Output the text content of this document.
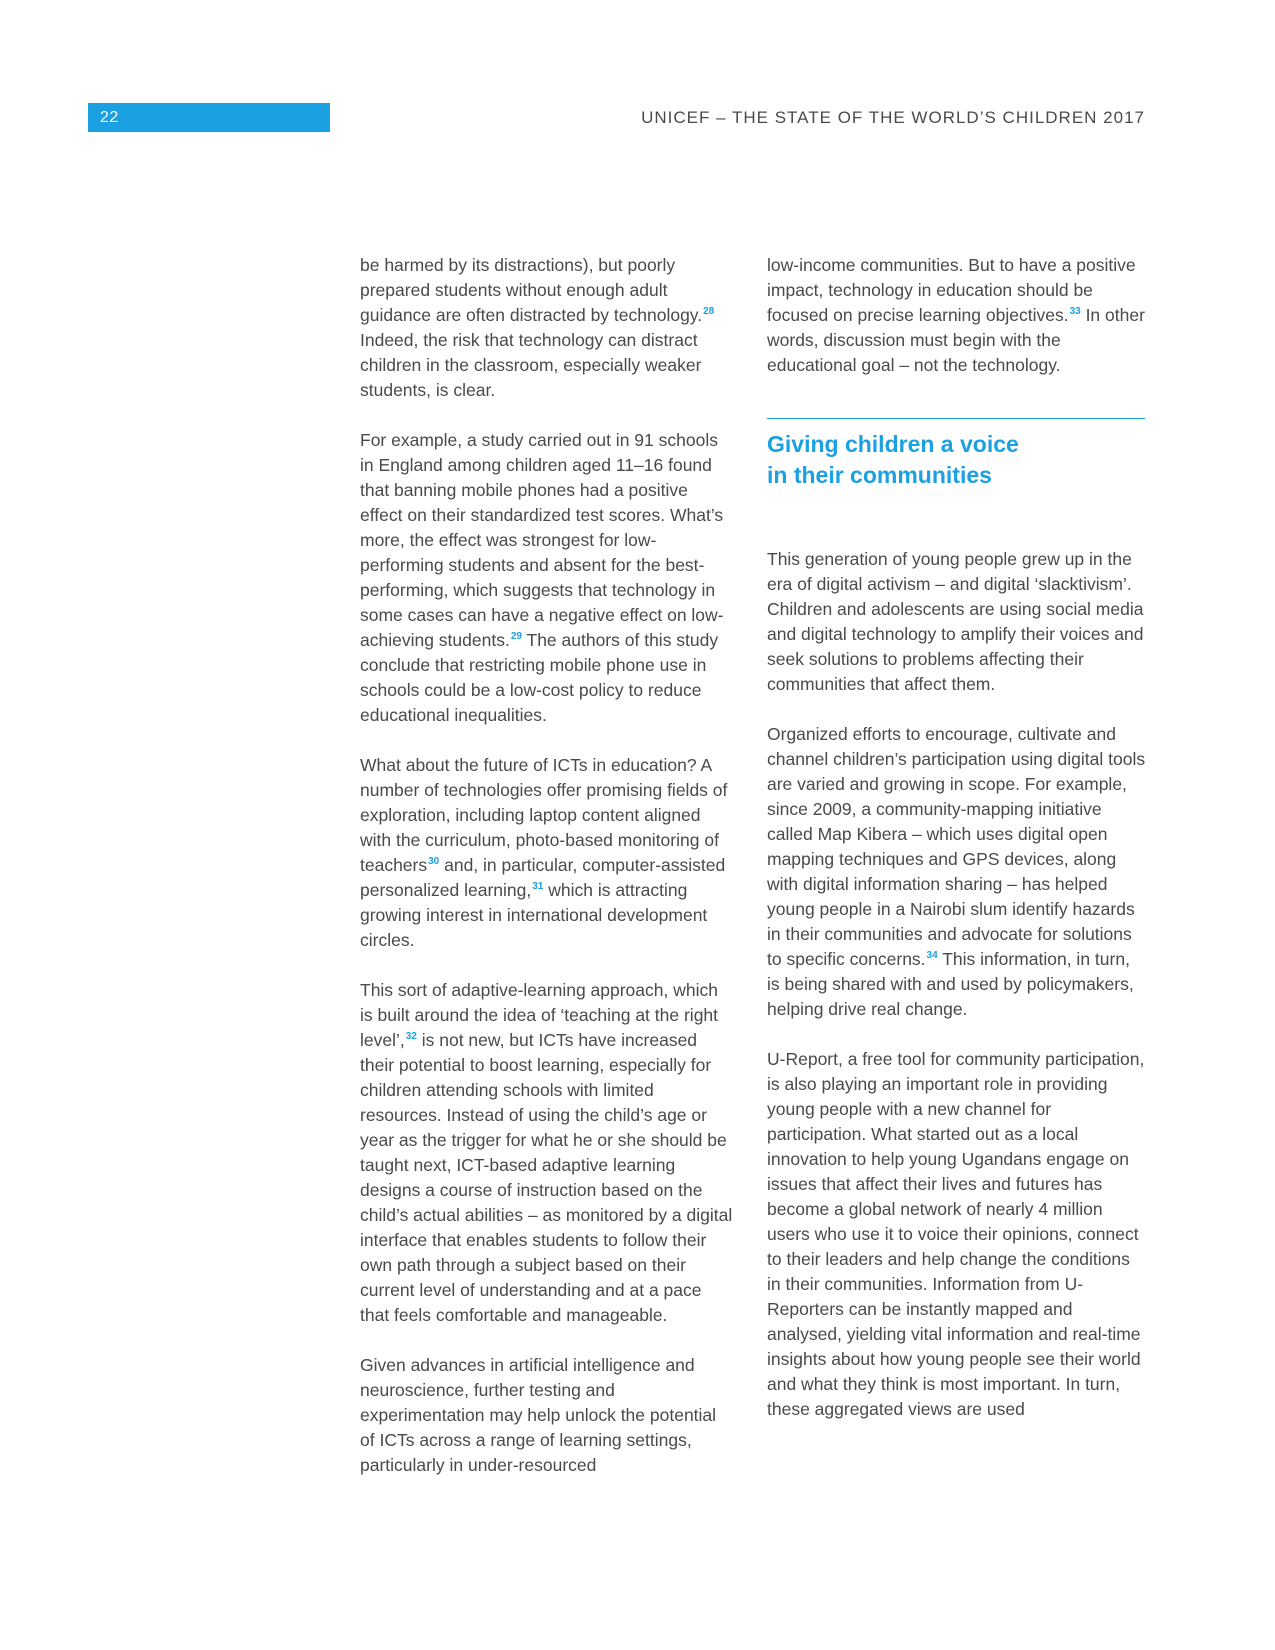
22	UNICEF – THE STATE OF THE WORLD’S CHILDREN 2017

be harmed by its distractions), but poorly prepared students without enough adult guidance are often distracted by technology.$^{28}$ Indeed, the risk that technology can distract children in the classroom, especially weaker students, is clear.

For example, a study carried out in 91 schools in England among children aged 11–16 found that banning mobile phones had a positive effect on their standardized test scores. What’s more, the effect was strongest for low-performing students and absent for the best-performing, which suggests that technology in some cases can have a negative effect on low-achieving students.$^{29}$ The authors of this study conclude that restricting mobile phone use in schools could be a low-cost policy to reduce educational inequalities.

What about the future of ICTs in education? A number of technologies offer promising fields of exploration, including laptop content aligned with the curriculum, photo-based monitoring of teachers$^{30}$ and, in particular, computer-assisted personalized learning,$^{31}$ which is attracting growing interest in international development circles.

This sort of adaptive-learning approach, which is built around the idea of ‘teaching at the right level’,$^{32}$ is not new, but ICTs have increased their potential to boost learning, especially for children attending schools with limited resources. Instead of using the child’s age or year as the trigger for what he or she should be taught next, ICT-based adaptive learning designs a course of instruction based on the child’s actual abilities – as monitored by a digital interface that enables students to follow their own path through a subject based on their current level of understanding and at a pace that feels comfortable and manageable.

Given advances in artificial intelligence and neuroscience, further testing and experimentation may help unlock the potential of ICTs across a range of learning settings, particularly in under-resourced

low-income communities. But to have a positive impact, technology in education should be focused on precise learning objectives.$^{33}$ In other words, discussion must begin with the educational goal – not the technology.

Giving children a voice
in their communities

This generation of young people grew up in the era of digital activism – and digital ‘slacktivism’. Children and adolescents are using social media and digital technology to amplify their voices and seek solutions to problems affecting their communities that affect them.

Organized efforts to encourage, cultivate and channel children’s participation using digital tools are varied and growing in scope. For example, since 2009, a community-mapping initiative called Map Kibera – which uses digital open mapping techniques and GPS devices, along with digital information sharing – has helped young people in a Nairobi slum identify hazards in their communities and advocate for solutions to specific concerns.$^{34}$ This information, in turn, is being shared with and used by policymakers, helping drive real change.

U-Report, a free tool for community participation, is also playing an important role in providing young people with a new channel for participation. What started out as a local innovation to help young Ugandans engage on issues that affect their lives and futures has become a global network of nearly 4 million users who use it to voice their opinions, connect to their leaders and help change the conditions in their communities. Information from U-Reporters can be instantly mapped and analysed, yielding vital information and real-time insights about how young people see their world and what they think is most important. In turn, these aggregated views are used
